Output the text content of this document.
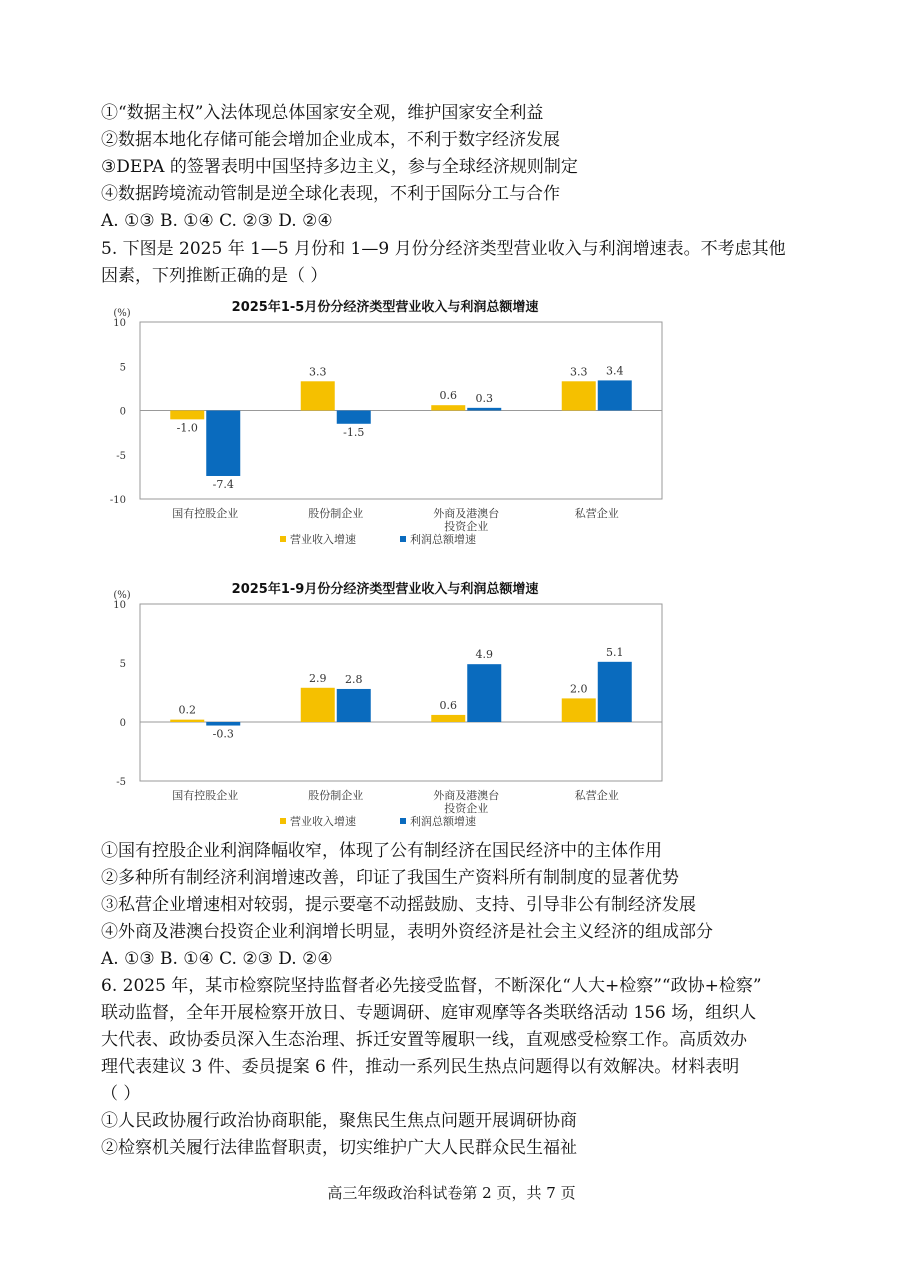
①“数据主权”入法体现总体国家安全观，维护国家安全利益
②数据本地化存储可能会增加企业成本，不利于数字经济发展
③DEPA 的签署表明中国坚持多边主义，参与全球经济规则制定
④数据跨境流动管制是逆全球化表现，不利于国际分工与合作
A. ①③ B. ①④ C. ②③ D. ②④
5. 下图是 2025 年 1—5 月份和 1—9 月份分经济类型营业收入与利润增速表。不考虑其他
因素，下列推断正确的是（ ）
2025年1-5月份分经济类型营业收入与利润总额增速
(%)
10
5
0
-5
-10
-1.0
-7.4
国有控股企业
3.3
-1.5
股份制企业
0.6 0.3
外商及港澳台
投资企业
3.3 3.4
私营企业
营业收入增速	利润总额增速
2025年1-9月份分经济类型营业收入与利润总额增速
(%)
10
5
0
-5
0.2
-0.3
国有控股企业
2.9 2.8
股份制企业
0.6
4.9
外商及港澳台
投资企业
2.0
5.1
私营企业
营业收入增速	利润总额增速
①国有控股企业利润降幅收窄，体现了公有制经济在国民经济中的主体作用
②多种所有制经济利润增速改善，印证了我国生产资料所有制制度的显著优势
③私营企业增速相对较弱，提示要毫不动摇鼓励、支持、引导非公有制经济发展
④外商及港澳台投资企业利润增长明显，表明外资经济是社会主义经济的组成部分
A. ①③ B. ①④ C. ②③ D. ②④
6. 2025 年，某市检察院坚持监督者必先接受监督，不断深化“人大+检察”“政协+检察”
联动监督，全年开展检察开放日、专题调研、庭审观摩等各类联络活动 156 场，组织人
大代表、政协委员深入生态治理、拆迁安置等履职一线，直观感受检察工作。高质效办
理代表建议 3 件、委员提案 6 件，推动一系列民生热点问题得以有效解决。材料表明
（ ）
①人民政协履行政治协商职能，聚焦民生焦点问题开展调研协商
②检察机关履行法律监督职责，切实维护广大人民群众民生福祉
高三年级政治科试卷第 2 页，共 7 页
